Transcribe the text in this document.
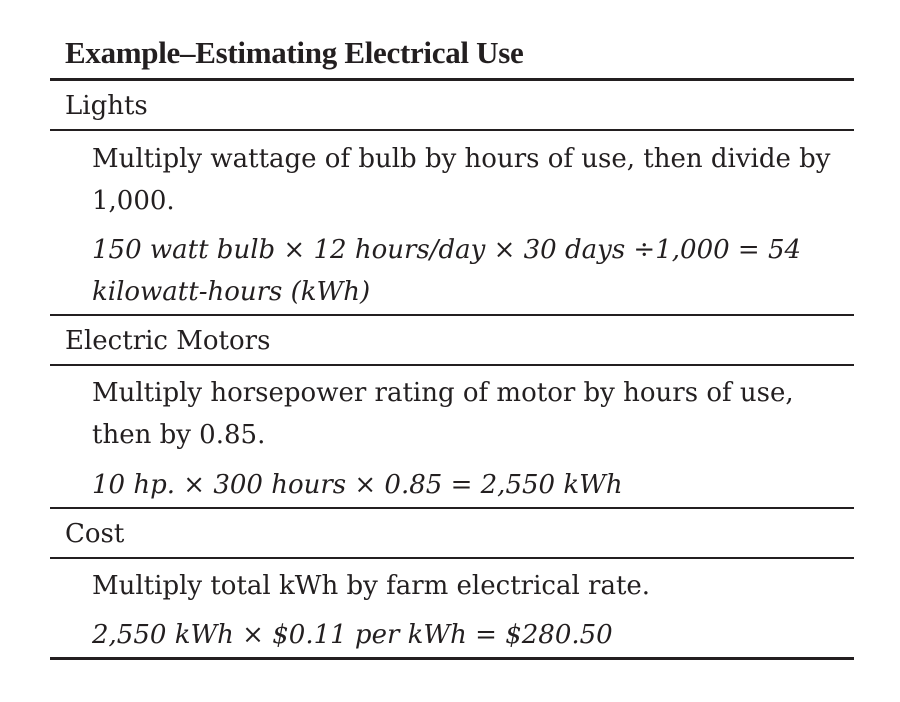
Example–Estimating Electrical Use
Lights
Multiply wattage of bulb by hours of use, then divide by 1,000.
150 watt bulb × 12 hours/day × 30 days ÷1,000 = 54 kilowatt-hours (kWh)
Electric Motors
Multiply horsepower rating of motor by hours of use, then by 0.85.
10 hp. × 300 hours × 0.85 = 2,550 kWh
Cost
Multiply total kWh by farm electrical rate.
2,550 kWh × $0.11 per kWh = $280.50
